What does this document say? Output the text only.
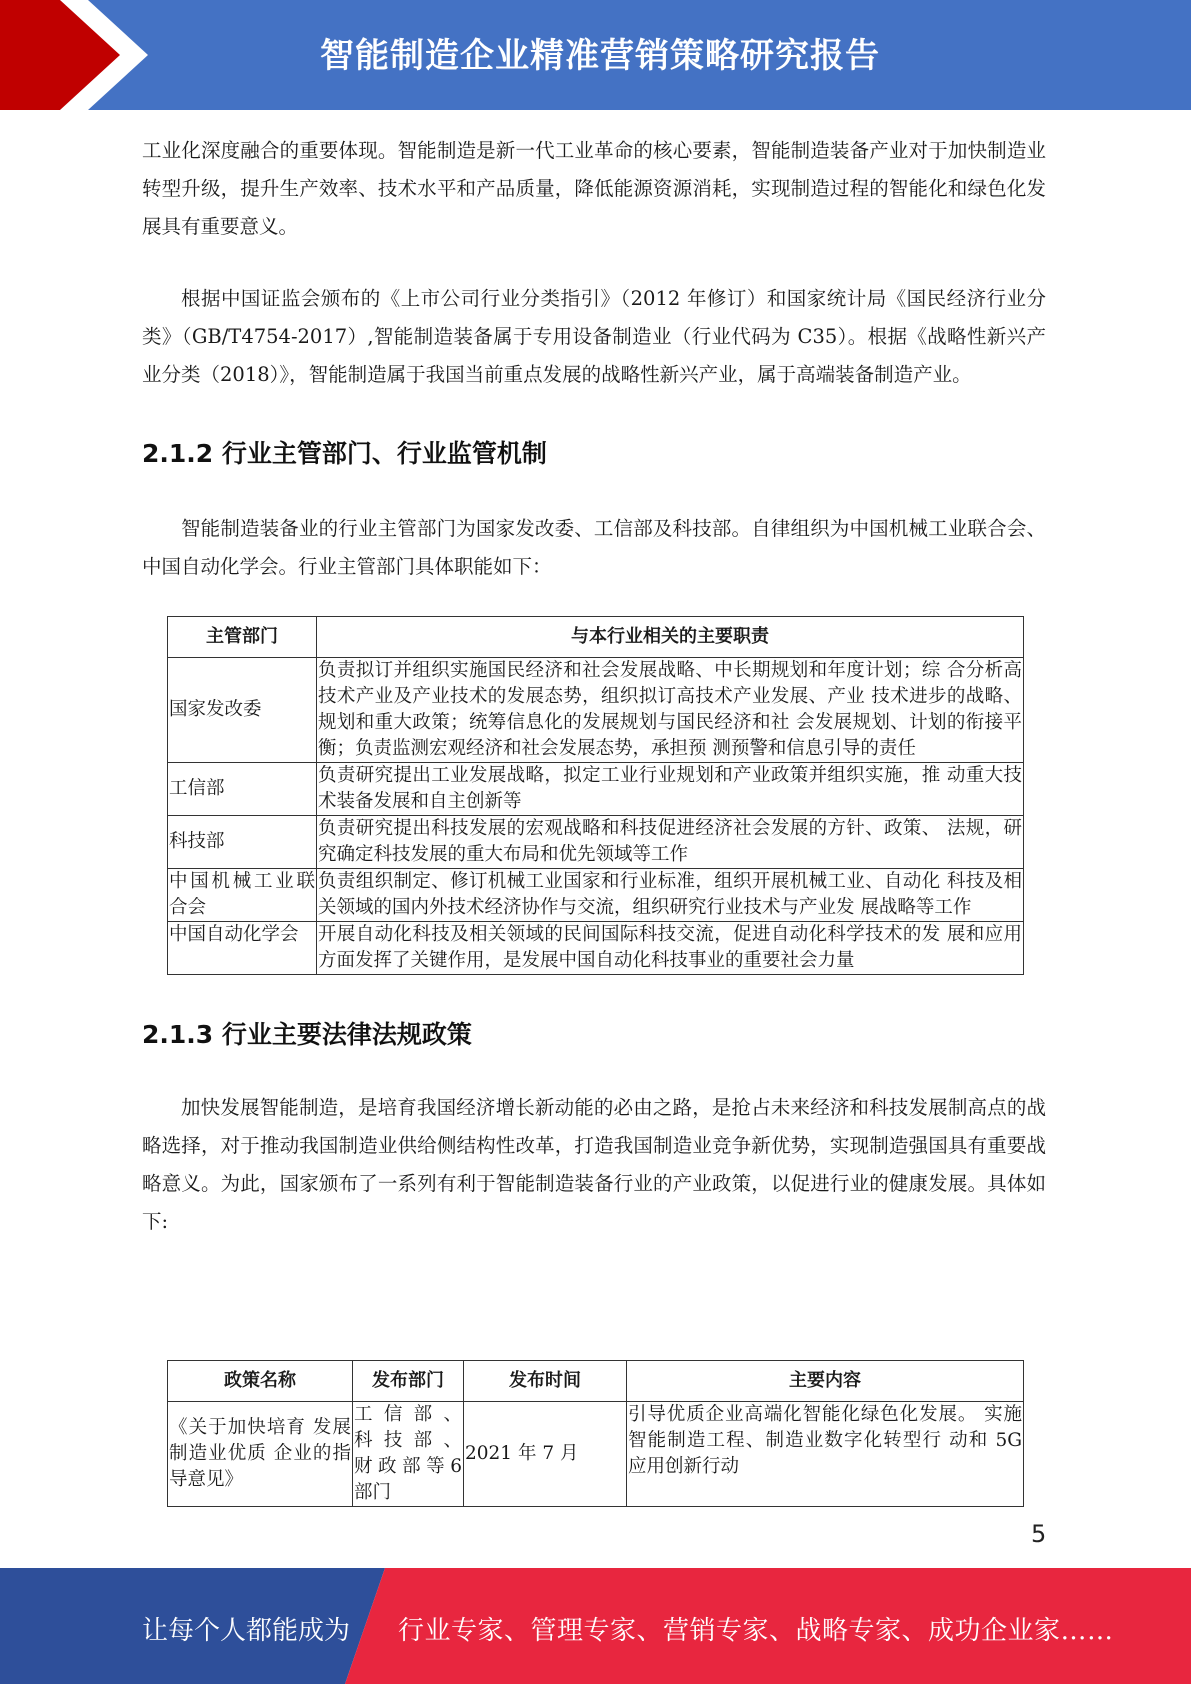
智能制造企业精准营销策略研究报告

工业化深度融合的重要体现。智能制造是新一代工业革命的核心要素，智能制造装备产业对于加快制造业转型升级，提升生产效率、技术水平和产品质量，降低能源资源消耗，实现制造过程的智能化和绿色化发展具有重要意义。

根据中国证监会颁布的《上市公司行业分类指引》（2012 年修订）和国家统计局《国民经济行业分类》（GB/T4754-2017）,智能制造装备属于专用设备制造业（行业代码为 C35）。根据《战略性新兴产业分类（2018）》，智能制造属于我国当前重点发展的战略性新兴产业，属于高端装备制造产业。

2.1.2 行业主管部门、行业监管机制

智能制造装备业的行业主管部门为国家发改委、工信部及科技部。自律组织为中国机械工业联合会、中国自动化学会。行业主管部门具体职能如下：

主管部门	与本行业相关的主要职责
国家发改委	负责拟订并组织实施国民经济和社会发展战略、中长期规划和年度计划；综 合分析高技术产业及产业技术的发展态势，组织拟订高技术产业发展、产业 技术进步的战略、规划和重大政策；统筹信息化的发展规划与国民经济和社 会发展规划、计划的衔接平衡；负责监测宏观经济和社会发展态势，承担预 测预警和信息引导的责任
工信部	负责研究提出工业发展战略，拟定工业行业规划和产业政策并组织实施，推 动重大技术装备发展和自主创新等
科技部	负责研究提出科技发展的宏观战略和科技促进经济社会发展的方针、政策、 法规，研究确定科技发展的重大布局和优先领域等工作
中国机械工业联合会	负责组织制定、修订机械工业国家和行业标准，组织开展机械工业、自动化 科技及相关领域的国内外技术经济协作与交流，组织研究行业技术与产业发 展战略等工作
中国自动化学会	开展自动化科技及相关领域的民间国际科技交流，促进自动化科学技术的发 展和应用方面发挥了关键作用，是发展中国自动化科技事业的重要社会力量
2.1.3 行业主要法律法规政策

加快发展智能制造，是培育我国经济增长新动能的必由之路，是抢占未来经济和科技发展制高点的战略选择，对于推动我国制造业供给侧结构性改革，打造我国制造业竞争新优势，实现制造强国具有重要战略意义。为此，国家颁布了一系列有利于智能制造装备行业的产业政策，以促进行业的健康发展。具体如下:

政策名称	发布部门	发布时间	主要内容
《关于加快培育 发展制造业优质 企业的指导意见》	工 信 部 、科 技 部 、财政部等6 部门	2021 年 7 月	引导优质企业高端化智能化绿色化发展。 实施智能制造工程、制造业数字化转型行 动和 5G 应用创新行动
5
让每个人都能成为 行业专家、管理专家、营销专家、战略专家、成功企业家……
